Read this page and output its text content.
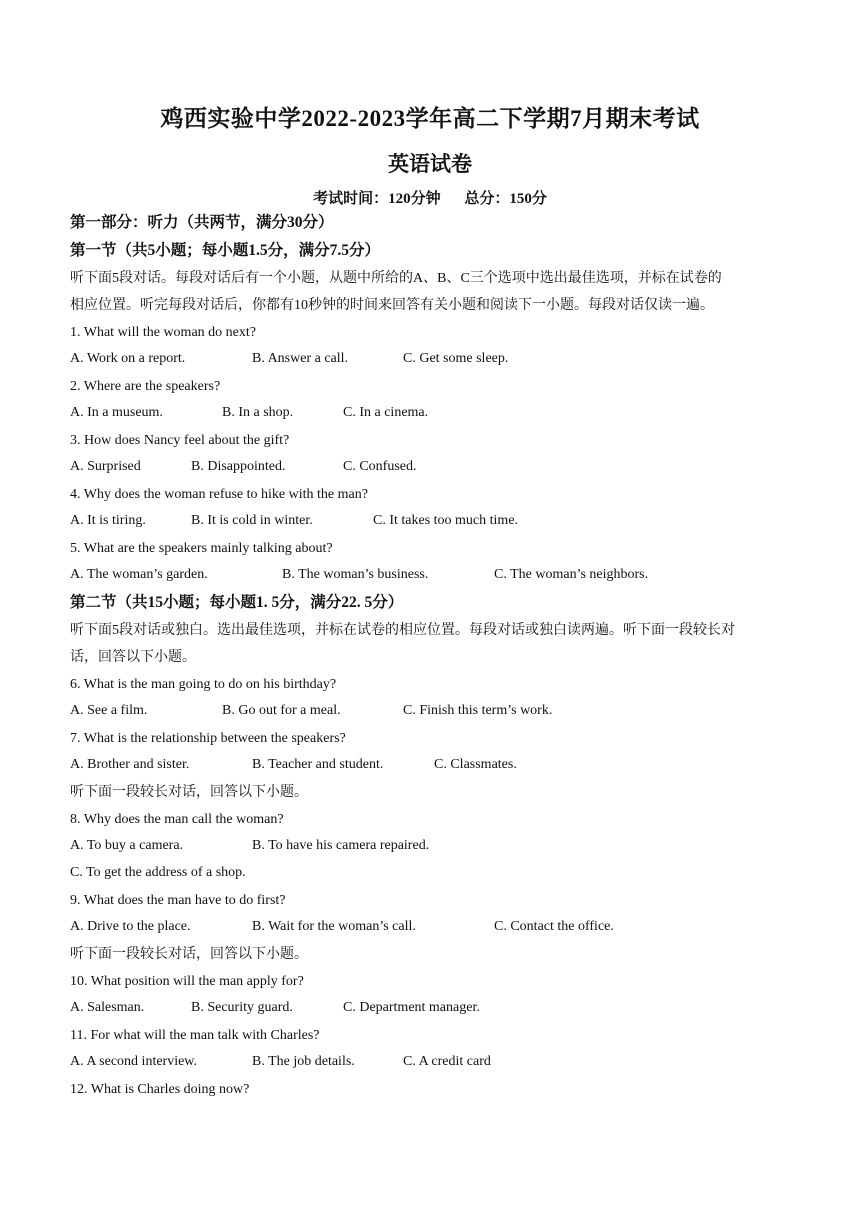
鸡西实验中学2022-2023学年高二下学期7月期末考试
英语试卷
考试时间：120分钟 总分：150分
第一部分：听力（共两节，满分30分）
第一节（共5小题；每小题1.5分，满分7.5分）
听下面5段对话。每段对话后有一个小题，从题中所给的A、B、C三个选项中选出最佳选项，并标在试卷的
相应位置。听完每段对话后，你都有10秒钟的时间来回答有关小题和阅读下一小题。每段对话仅读一遍。
1. What will the woman do next?
A. Work on a report.	B. Answer a call.	C. Get some sleep.
2. Where are the speakers?
A. In a museum.	B. In a shop.	C. In a cinema.
3. How does Nancy feel about the gift?
A. Surprised	B. Disappointed.	C. Confused.
4. Why does the woman refuse to hike with the man?
A. It is tiring.	B. It is cold in winter.	C. It takes too much time.
5. What are the speakers mainly talking about?
A. The woman’s garden.	B. The woman’s business.	C. The woman’s neighbors.
第二节（共15小题；每小题1. 5分，满分22. 5分）
听下面5段对话或独白。选出最佳选项，并标在试卷的相应位置。每段对话或独白读两遍。听下面一段较长对
话，回答以下小题。
6. What is the man going to do on his birthday?
A. See a film.	B. Go out for a meal.	C. Finish this term’s work.
7. What is the relationship between the speakers?
A. Brother and sister.	B. Teacher and student.	C. Classmates.
听下面一段较长对话，回答以下小题。
8. Why does the man call the woman?
A. To buy a camera.	B. To have his camera repaired.
C. To get the address of a shop.
9. What does the man have to do first?
A. Drive to the place.	B. Wait for the woman’s call.	C. Contact the office.
听下面一段较长对话，回答以下小题。
10. What position will the man apply for?
A. Salesman.	B. Security guard.	C. Department manager.
11. For what will the man talk with Charles?
A. A second interview.	B. The job details.	C. A credit card
12. What is Charles doing now?
